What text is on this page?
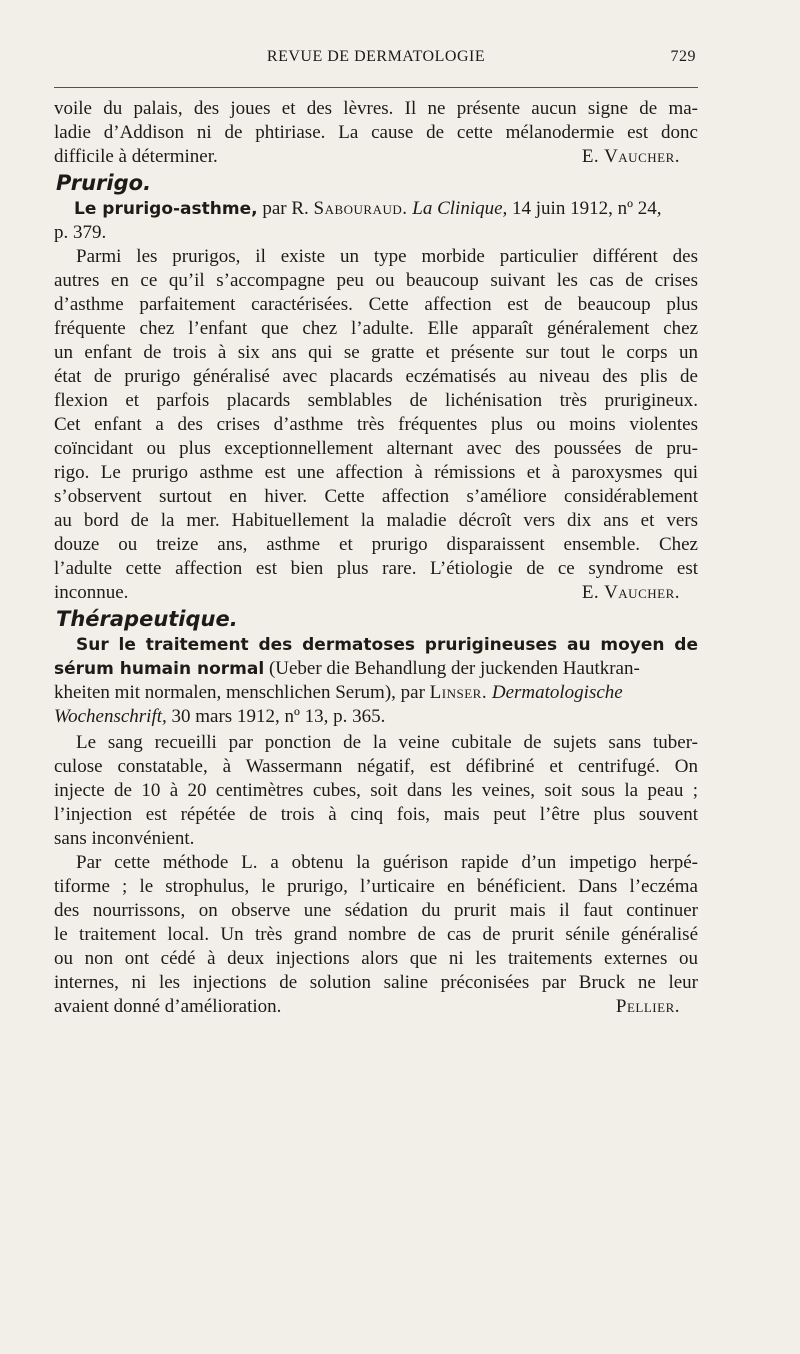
REVUE DE DERMATOLOGIE	729
voile du palais, des joues et des lèvres. Il ne présente aucun signe de ma-
ladie d’Addison ni de phtiriase. La cause de cette mélanodermie est donc
difficile à déterminer.	E. Vaucher.
Prurigo.
Le prurigo-asthme, par R. Sabouraud. La Clinique, 14 juin 1912, nº 24,
p. 379.
Parmi les prurigos, il existe un type morbide particulier différent des
autres en ce qu’il s’accompagne peu ou beaucoup suivant les cas de crises
d’asthme parfaitement caractérisées. Cette affection est de beaucoup plus
fréquente chez l’enfant que chez l’adulte. Elle apparaît généralement chez
un enfant de trois à six ans qui se gratte et présente sur tout le corps un
état de prurigo généralisé avec placards eczématisés au niveau des plis de
flexion et parfois placards semblables de lichénisation très prurigineux.
Cet enfant a des crises d’asthme très fréquentes plus ou moins violentes
coïncidant ou plus exceptionnellement alternant avec des poussées de pru-
rigo. Le prurigo asthme est une affection à rémissions et à paroxysmes qui
s’observent surtout en hiver. Cette affection s’améliore considérablement
au bord de la mer. Habituellement la maladie décroît vers dix ans et vers
douze ou treize ans, asthme et prurigo disparaissent ensemble. Chez
l’adulte cette affection est bien plus rare. L’étiologie de ce syndrome est
inconnue.	E. Vaucher.
Thérapeutique.
Sur le traitement des dermatoses prurigineuses au moyen de
sérum humain normal (Ueber die Behandlung der juckenden Hautkran-
kheiten mit normalen, menschlichen Serum), par Linser. Dermatologische
Wochenschrift, 30 mars 1912, nº 13, p. 365.
Le sang recueilli par ponction de la veine cubitale de sujets sans tuber-
culose constatable, à Wassermann négatif, est défibriné et centrifugé. On
injecte de 10 à 20 centimètres cubes, soit dans les veines, soit sous la peau ;
l’injection est répétée de trois à cinq fois, mais peut l’être plus souvent
sans inconvénient.
Par cette méthode L. a obtenu la guérison rapide d’un impetigo herpé-
tiforme ; le strophulus, le prurigo, l’urticaire en bénéficient. Dans l’eczéma
des nourrissons, on observe une sédation du prurit mais il faut continuer
le traitement local. Un très grand nombre de cas de prurit sénile généralisé
ou non ont cédé à deux injections alors que ni les traitements externes ou
internes, ni les injections de solution saline préconisées par Bruck ne leur
avaient donné d’amélioration.	Pellier.
